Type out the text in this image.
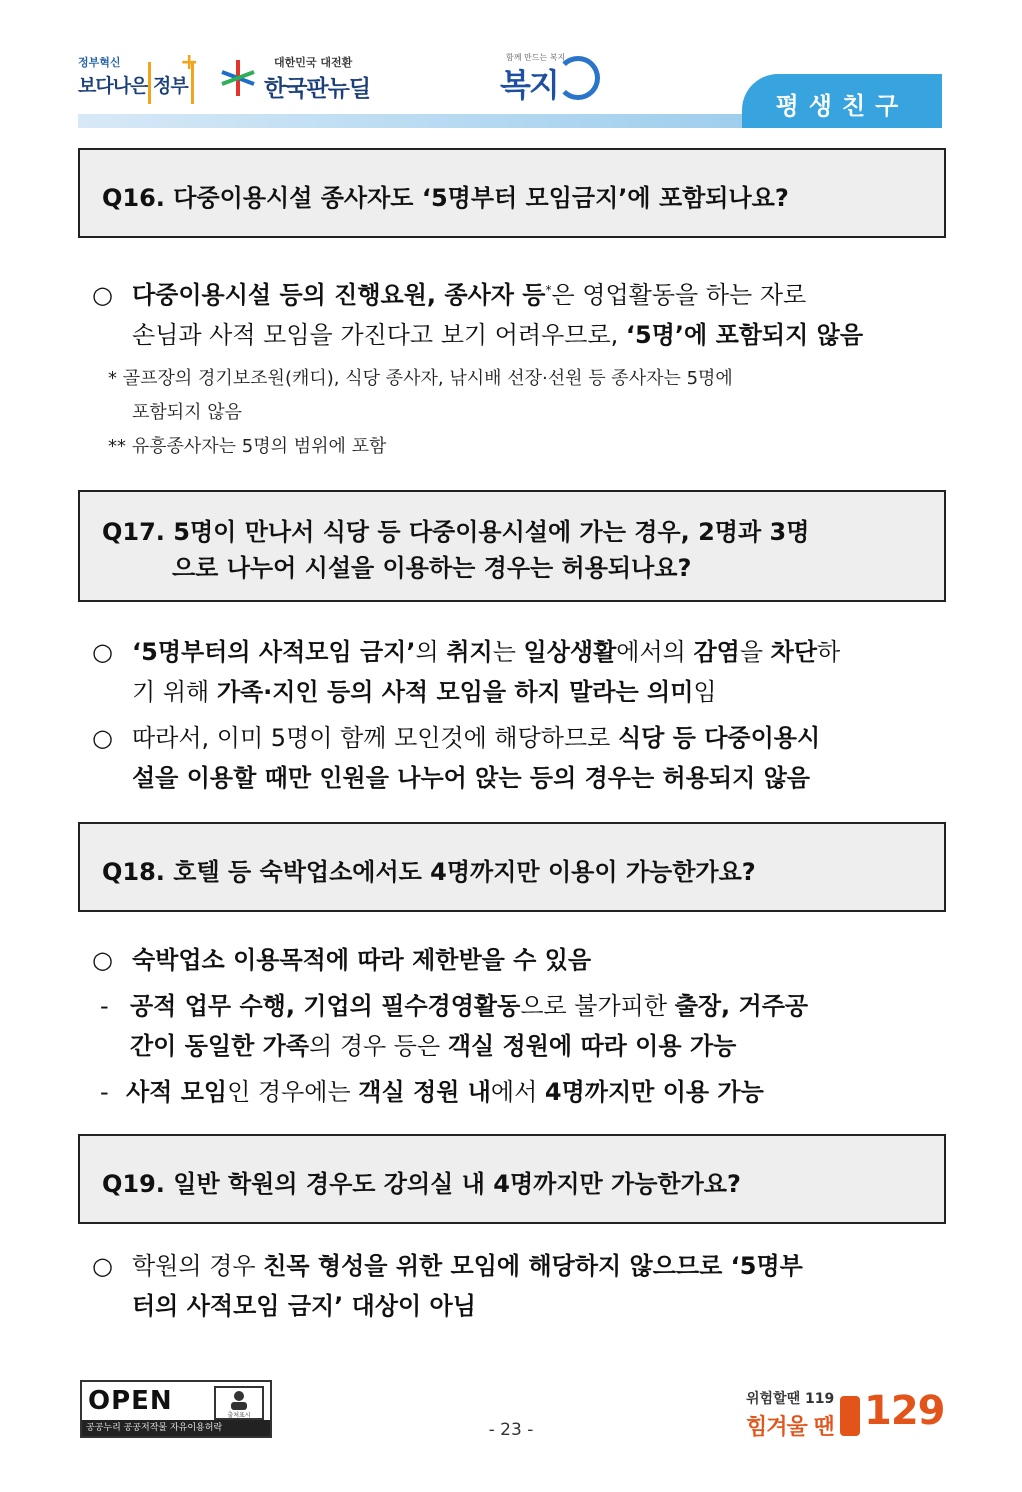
정부혁신
보다나은 정부
+	대한민국 대전환
한국판뉴딜
함께 만드는 복지
복지
평생친구
Q16. 다중이용시설 종사자도 ‘5명부터 모임금지’에 포함되나요?
○ 다중이용시설 등의 진행요원, 종사자 등*은 영업활동을 하는 자로
손님과 사적 모임을 가진다고 보기 어려우므로, ‘5명’에 포함되지 않음
* 골프장의 경기보조원(캐디), 식당 종사자, 낚시배 선장·선원 등 종사자는 5명에
포함되지 않음
** 유흥종사자는 5명의 범위에 포함
Q17. 5명이 만나서 식당 등 다중이용시설에 가는 경우, 2명과 3명
으로 나누어 시설을 이용하는 경우는 허용되나요?
○ ‘5명부터의 사적모임 금지’의 취지는 일상생활에서의 감염을 차단하
기 위해 가족·지인 등의 사적 모임을 하지 말라는 의미임
○ 따라서, 이미 5명이 함께 모인것에 해당하므로 식당 등 다중이용시
설을 이용할 때만 인원을 나누어 앉는 등의 경우는 허용되지 않음
Q18. 호텔 등 숙박업소에서도 4명까지만 이용이 가능한가요?
○ 숙박업소 이용목적에 따라 제한받을 수 있음
- 공적 업무 수행, 기업의 필수경영활동으로 불가피한 출장, 거주공
간이 동일한 가족의 경우 등은 객실 정원에 따라 이용 가능
- 사적 모임인 경우에는 객실 정원 내에서 4명까지만 이용 가능
Q19. 일반 학원의 경우도 강의실 내 4명까지만 가능한가요?
○ 학원의 경우 친목 형성을 위한 모임에 해당하지 않으므로 ‘5명부
터의 사적모임 금지’ 대상이 아님
OPEN	출처표시
공공누리 공공저작물 자유이용허락	- 23 -
위험할땐 119
힘겨울 땐 129
